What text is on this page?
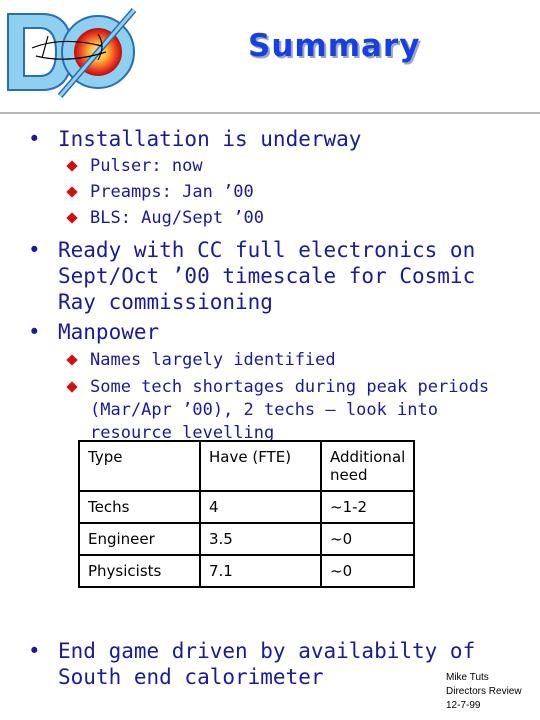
Summary
• Installation is underway
Pulser: now
Preamps: Jan ’00
BLS: Aug/Sept ’00
• Ready with CC full electronics on
Sept/Oct ’00 timescale for Cosmic
Ray commissioning
• Manpower
Names largely identified
Some tech shortages during peak periods
(Mar/Apr ’00), 2 techs – look into
resource levelling
• End game driven by availabilty of
South end calorimeter
Type	Have (FTE)	Additional need
Techs	4	~1-2
Engineer	3.5	~0
Physicists	7.1	~0
Mike Tuts
Directors Review
12-7-99
